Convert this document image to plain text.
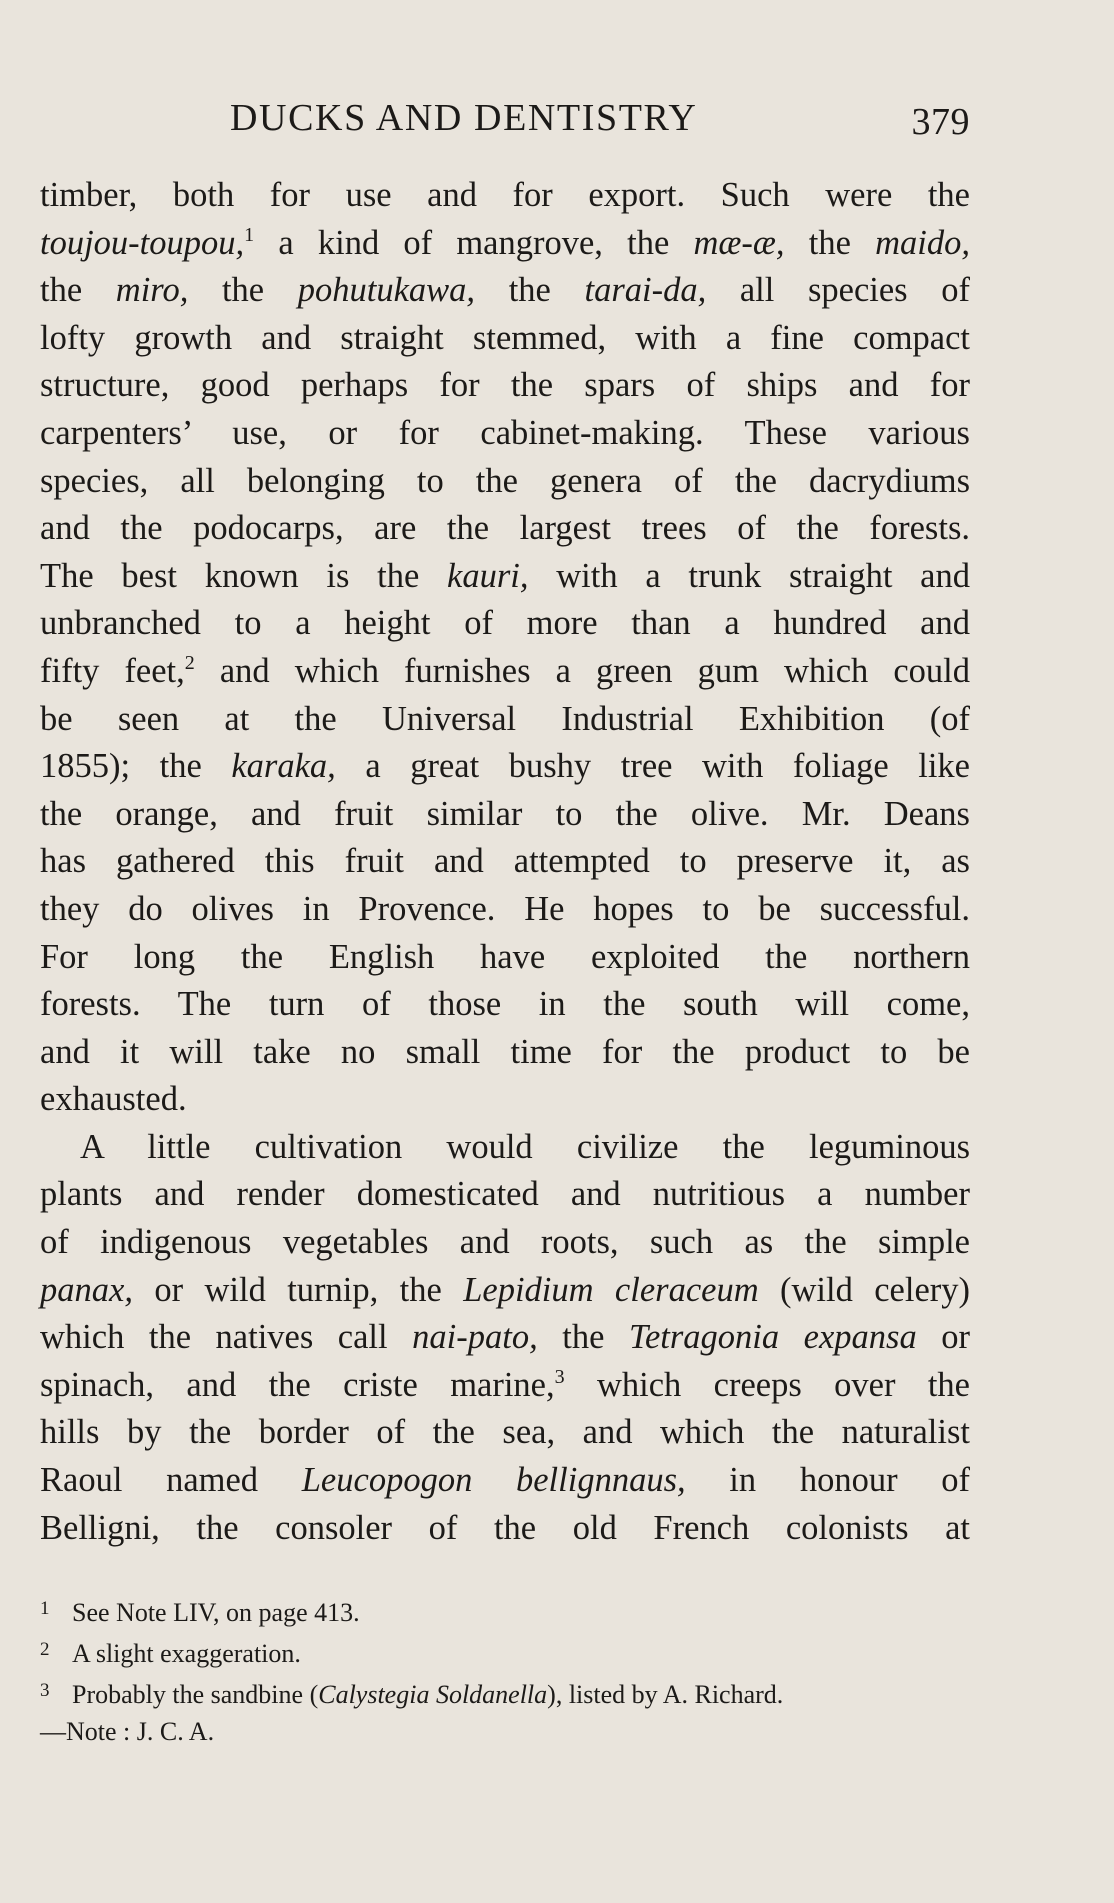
DUCKS AND DENTISTRY	379
timber, both for use and for export. Such were the
toujou-toupou,$^1$ a kind of mangrove, the mæ-æ, the maido,
the miro, the pohutukawa, the tarai-da, all species of
lofty growth and straight stemmed, with a fine compact
structure, good perhaps for the spars of ships and for
carpenters’ use, or for cabinet-making. These various
species, all belonging to the genera of the dacrydiums
and the podocarps, are the largest trees of the forests.
The best known is the kauri, with a trunk straight and
unbranched to a height of more than a hundred and
fifty feet,$^2$ and which furnishes a green gum which could
be seen at the Universal Industrial Exhibition (of
1855); the karaka, a great bushy tree with foliage like
the orange, and fruit similar to the olive. Mr. Deans
has gathered this fruit and attempted to preserve it, as
they do olives in Provence. He hopes to be successful.
For long the English have exploited the northern
forests. The turn of those in the south will come,
and it will take no small time for the product to be
exhausted.
A little cultivation would civilize the leguminous
plants and render domesticated and nutritious a number
of indigenous vegetables and roots, such as the simple
panax, or wild turnip, the Lepidium cleraceum (wild celery)
which the natives call nai-pato, the Tetragonia expansa or
spinach, and the criste marine,$^3$ which creeps over the
hills by the border of the sea, and which the naturalist
Raoul named Leucopogon bellignnaus, in honour of
Belligni, the consoler of the old French colonists at
1 See Note LIV, on page 413.
2 A slight exaggeration.
3 Probably the sandbine (Calystegia Soldanella), listed by A. Richard.
—Note : J. C. A.
